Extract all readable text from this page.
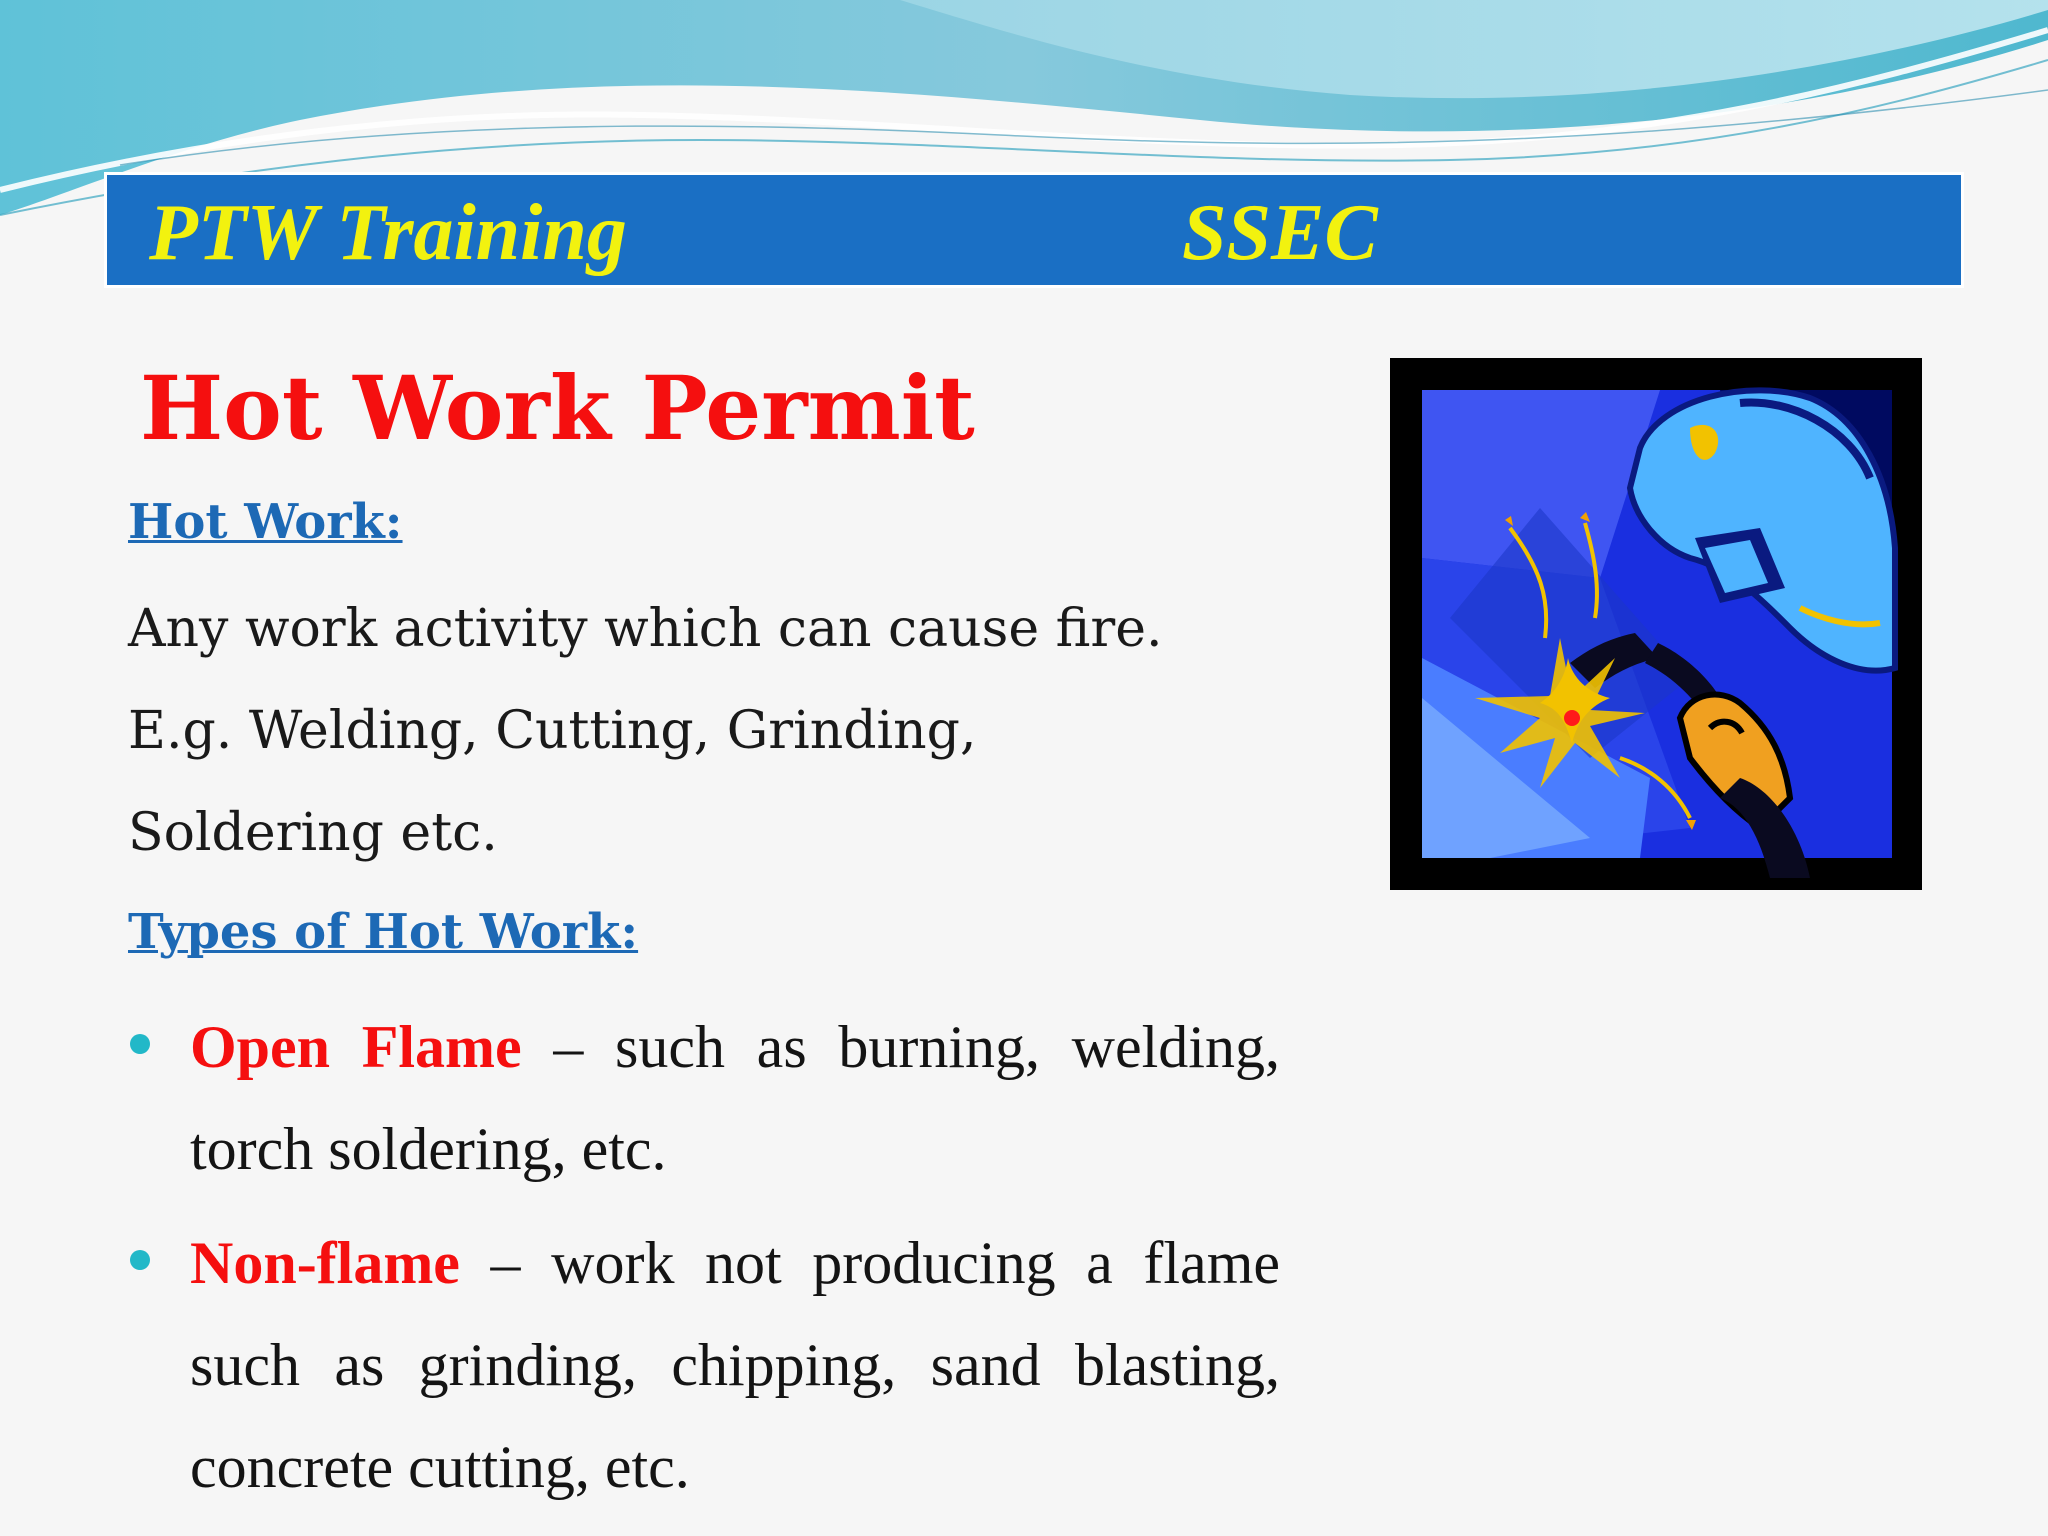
PTW Training	SSEC
Hot Work Permit
Hot Work:

Any work activity which can cause fire.

E.g. Welding, Cutting, Grinding,

Soldering etc.

Types of Hot Work:

Open Flame – such as burning, welding, torch soldering, etc.

Non-flame – work not producing a flame such as grinding, chipping, sand blasting, concrete cutting, etc.
